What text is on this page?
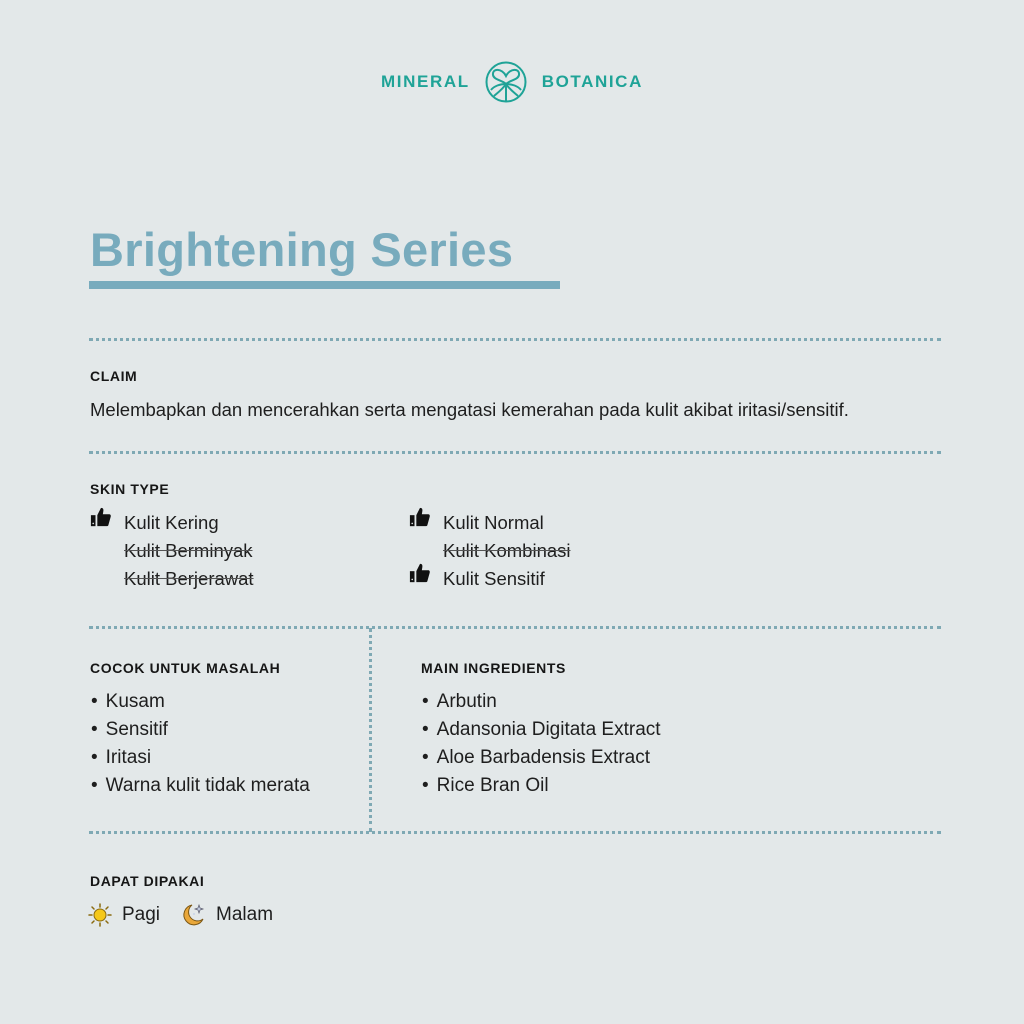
MINERAL	BOTANICA
Brightening Series
CLAIM
Melembapkan dan mencerahkan serta mengatasi kemerahan pada kulit akibat iritasi/sensitif.
SKIN TYPE
Kulit Kering
Kulit Berminyak
Kulit Berjerawat
Kulit Normal
Kulit Kombinasi
Kulit Sensitif
COCOK UNTUK MASALAH
• Kusam
• Sensitif
• Iritasi
• Warna kulit tidak merata
MAIN INGREDIENTS
• Arbutin
• Adansonia Digitata Extract
• Aloe Barbadensis Extract
• Rice Bran Oil
DAPAT DIPAKAI
Pagi	Malam
